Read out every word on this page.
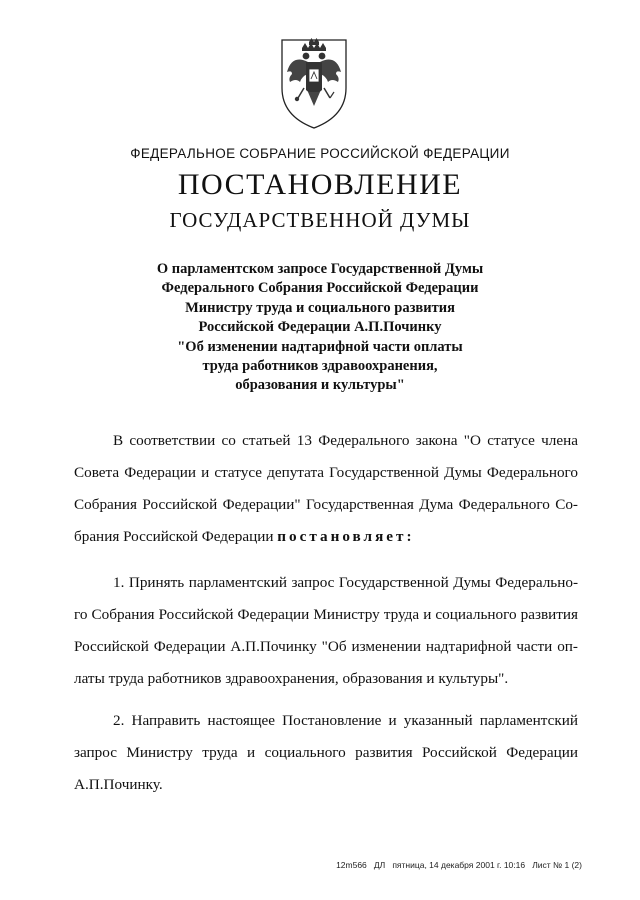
ФЕДЕРАЛЬНОЕ СОБРАНИЕ РОССИЙСКОЙ ФЕДЕРАЦИИ
ПОСТАНОВЛЕНИЕ
ГОСУДАРСТВЕННОЙ ДУМЫ
О парламентском запросе Государственной Думы
Федерального Собрания Российской Федерации
Министру труда и социального развития
Российской Федерации А.П.Починку
"Об изменении надтарифной части оплаты
труда работников здравоохранения,
образования и культуры"
В соответствии со статьей 13 Федерального закона "О статусе члена
Совета Федерации и статусе депутата Государственной Думы Федерального
Собрания Российской Федерации" Государственная Дума Федерального Со-
брания Российской Федерации постановляет:
1. Принять парламентский запрос Государственной Думы Федерально-
го Собрания Российской Федерации Министру труда и социального развития
Российской Федерации А.П.Починку "Об изменении надтарифной части оп-
латы труда работников здравоохранения, образования и культуры".
2. Направить настоящее Постановление и указанный парламентский
запрос Министру труда и социального развития Российской Федерации
А.П.Починку.
12m566 ДЛ пятница, 14 декабря 2001 г. 10:16 Лист № 1 (2)
